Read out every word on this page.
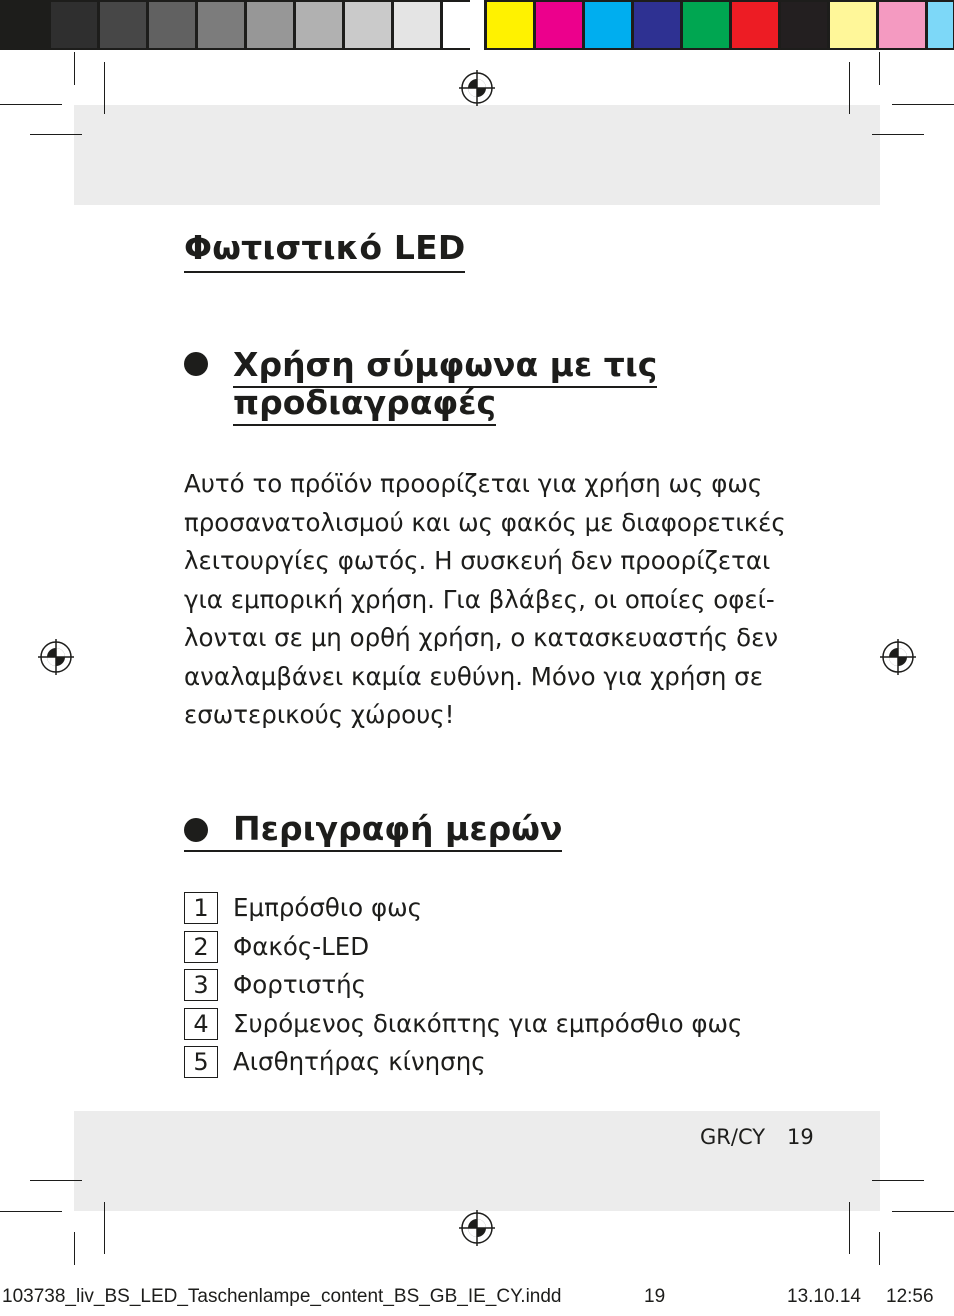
Φωτιστικό LED
Χρήση σύμφωνα με τις
προδιαγραφές
Αυτό το πρόϊόν προορίζεται για χρήση ως φως
προσανατολισμού και ως φακός με διαφορετικές
λειτουργίες φωτός. Η συσκευή δεν προορίζεται
για εμπορική χρήση. Για βλάβες, οι οποίες οφεί-
λονται σε μη ορθή χρήση, ο κατασκευαστής δεν
αναλαμβάνει καμία ευθύνη. Μόνο για χρήση σε
εσωτερικούς χώρους!
Περιγραφή μερών
1 Εμπρόσθιο φως
2 Φακός-LED
3 Φορτιστής
4 Συρόμενος διακόπτης για εμπρόσθιο φως
5 Αισθητήρας κίνησης
GR/CY 19
103738_liv_BS_LED_Taschenlampe_content_BS_GB_IE_CY.indd	19	13.10.14 12:56
